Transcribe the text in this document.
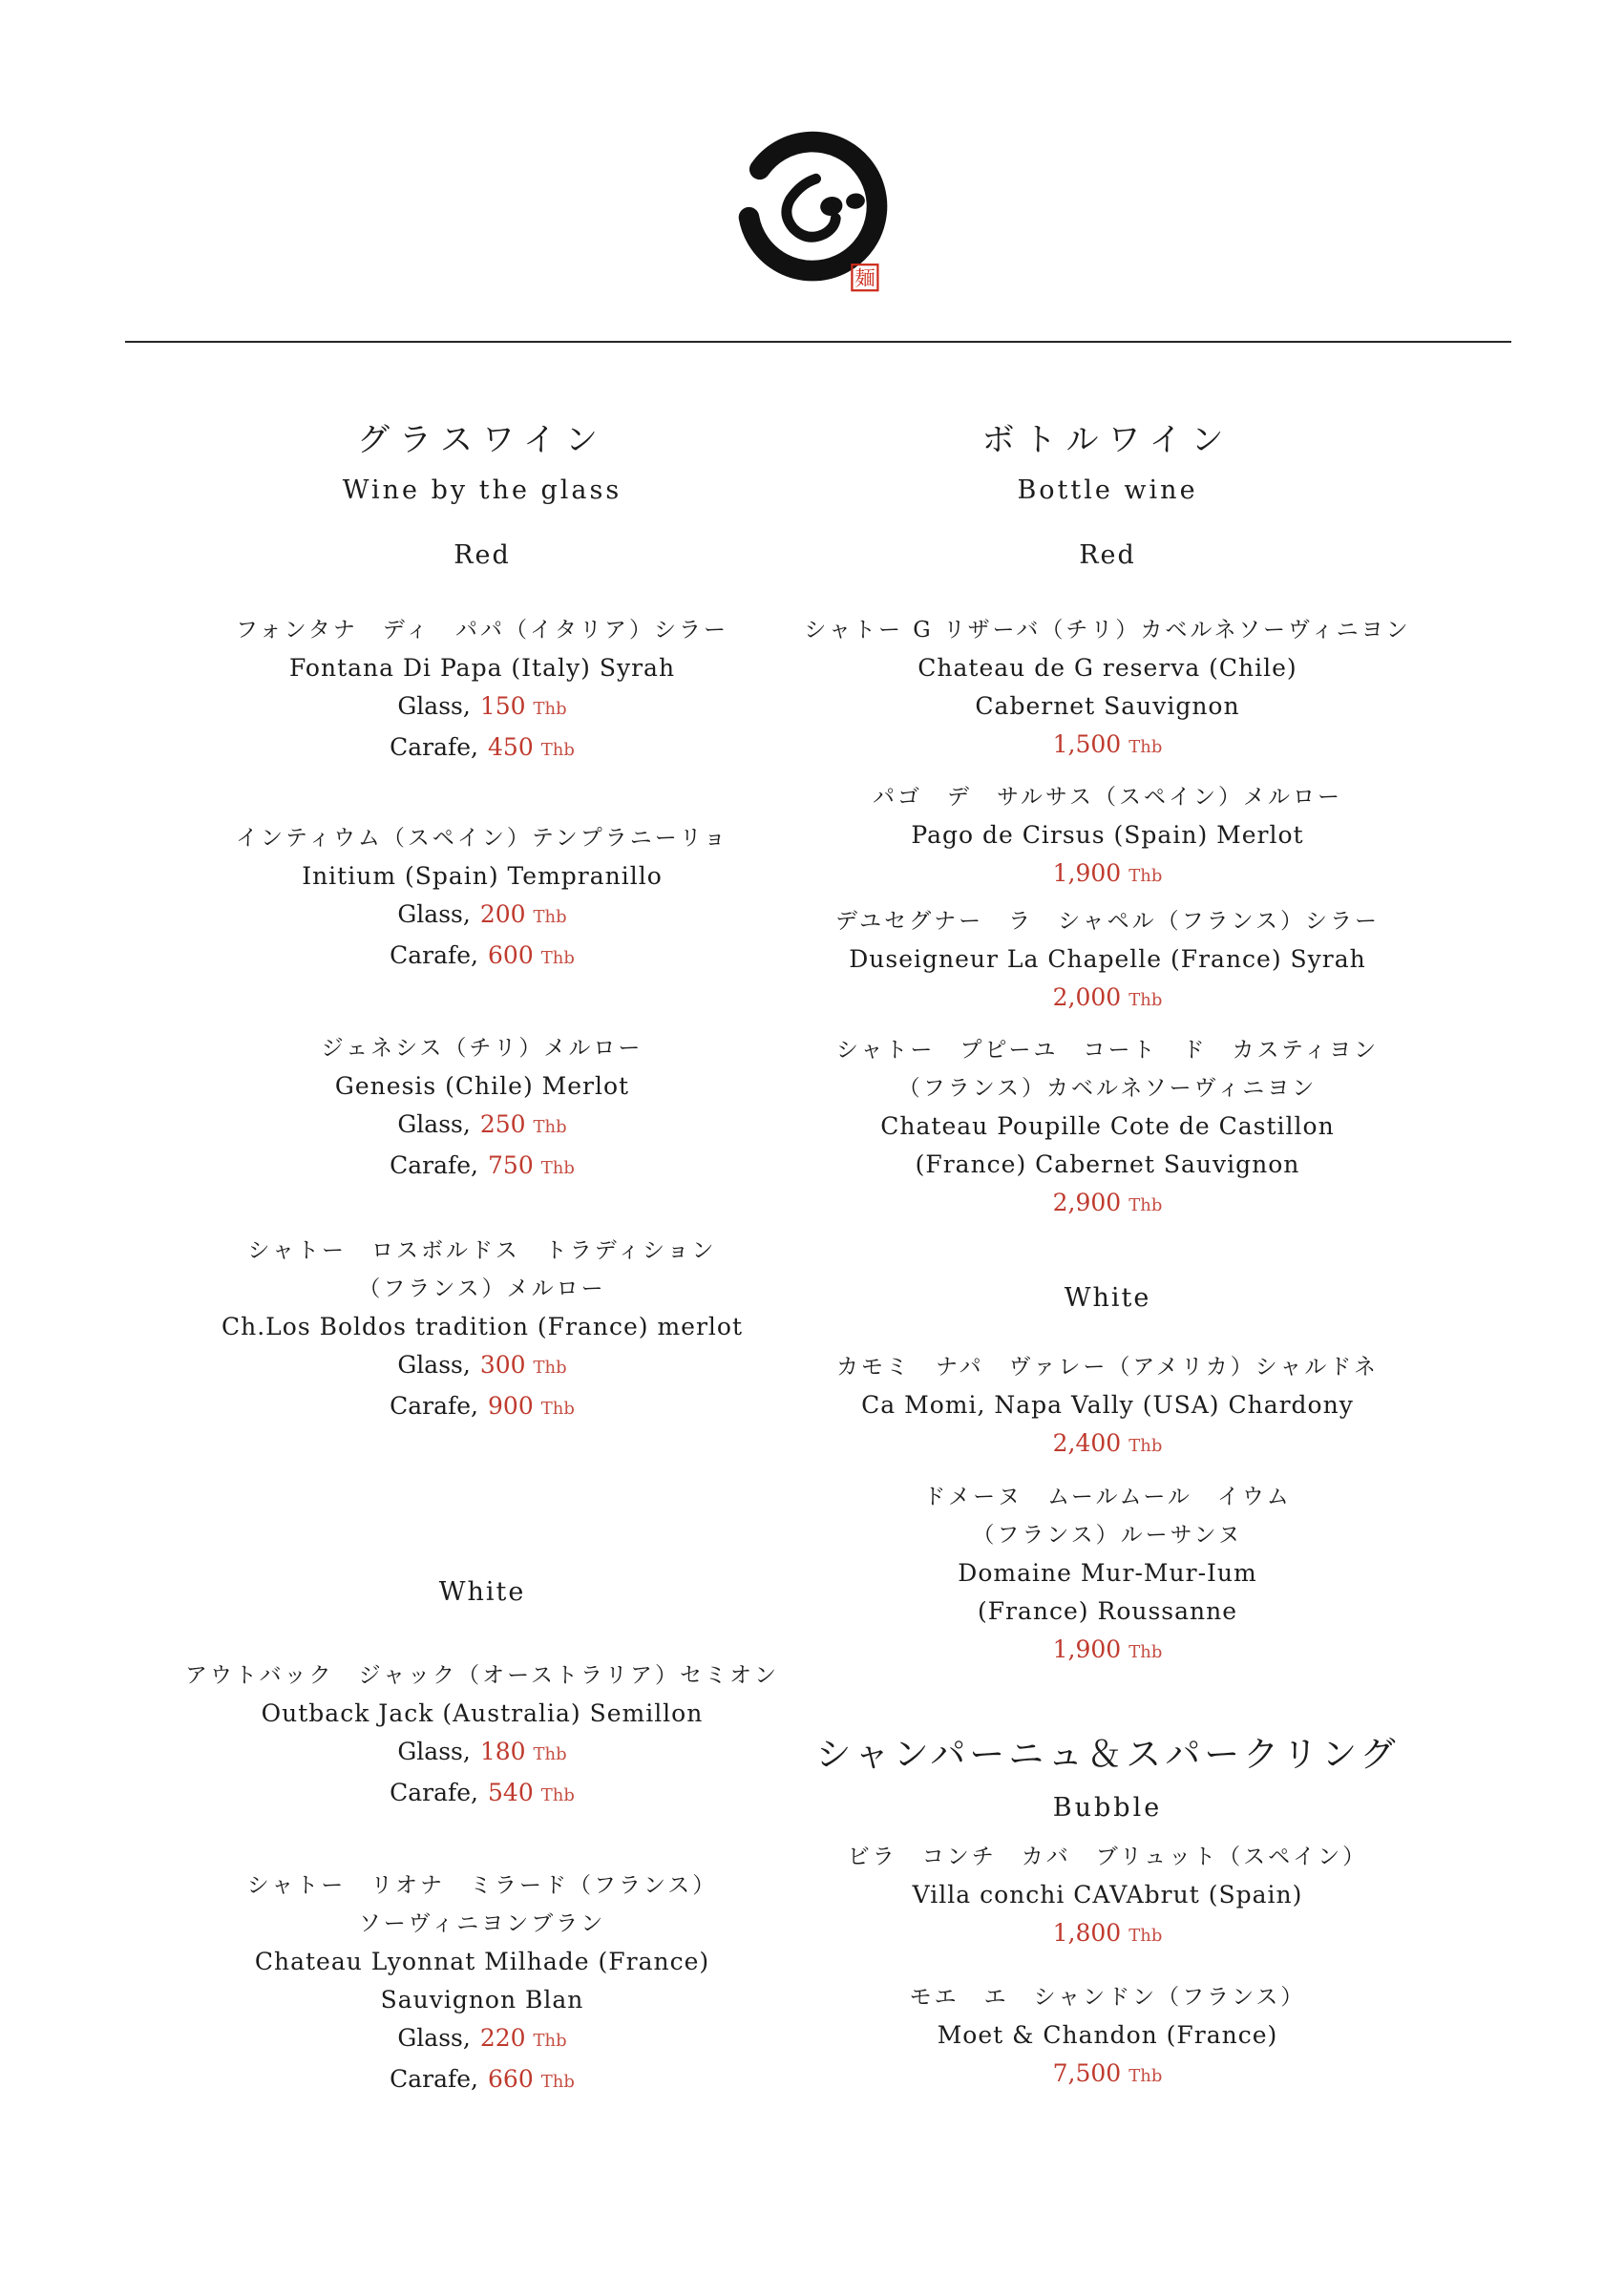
麺
グラスワイン
Wine by the glass
Red

フォンタナ　ディ　パパ（イタリア）シラー

Fontana Di Papa (Italy) Syrah

Glass, 150 Thb

Carafe, 450 Thb

インティウム（スペイン）テンプラニーリョ

Initium (Spain) Tempranillo

Glass, 200 Thb

Carafe, 600 Thb

ジェネシス（チリ）メルロー

Genesis (Chile) Merlot

Glass, 250 Thb

Carafe, 750 Thb

シャトー　ロスボルドス　トラディション

（フランス）メルロー

Ch.Los Boldos tradition (France) merlot

Glass, 300 Thb

Carafe, 900 Thb

White

アウトバック　ジャック（オーストラリア）セミオン

Outback Jack (Australia) Semillon

Glass, 180 Thb

Carafe, 540 Thb

シャトー　リオナ　ミラード（フランス）

ソーヴィニヨンブラン

Chateau Lyonnat Milhade (France)

Sauvignon Blan

Glass, 220 Thb

Carafe, 660 Thb

ボトルワイン
Bottle wine
Red

シャトー G リザーバ（チリ）カベルネソーヴィニヨン

Chateau de G reserva (Chile)

Cabernet Sauvignon

1,500 Thb

パゴ　デ　サルサス（スペイン）メルロー

Pago de Cirsus (Spain) Merlot

1,900 Thb

デユセグナー　ラ　シャペル（フランス）シラー

Duseigneur La Chapelle (France) Syrah

2,000 Thb

シャトー　プピーユ　コート　ド　カスティヨン

（フランス）カベルネソーヴィニヨン

Chateau Poupille Cote de Castillon

(France) Cabernet Sauvignon

2,900 Thb

White

カモミ　ナパ　ヴァレー（アメリカ）シャルドネ

Ca Momi, Napa Vally (USA) Chardony

2,400 Thb

ドメーヌ　ムールムール　イウム

（フランス）ルーサンヌ

Domaine Mur-Mur-Ium

(France) Roussanne

1,900 Thb

シャンパーニュ＆スパークリング
Bubble

ビラ　コンチ　カバ　ブリュット（スペイン）

Villa conchi CAVAbrut (Spain)

1,800 Thb

モエ　エ　シャンドン（フランス）

Moet & Chandon (France)

7,500 Thb
